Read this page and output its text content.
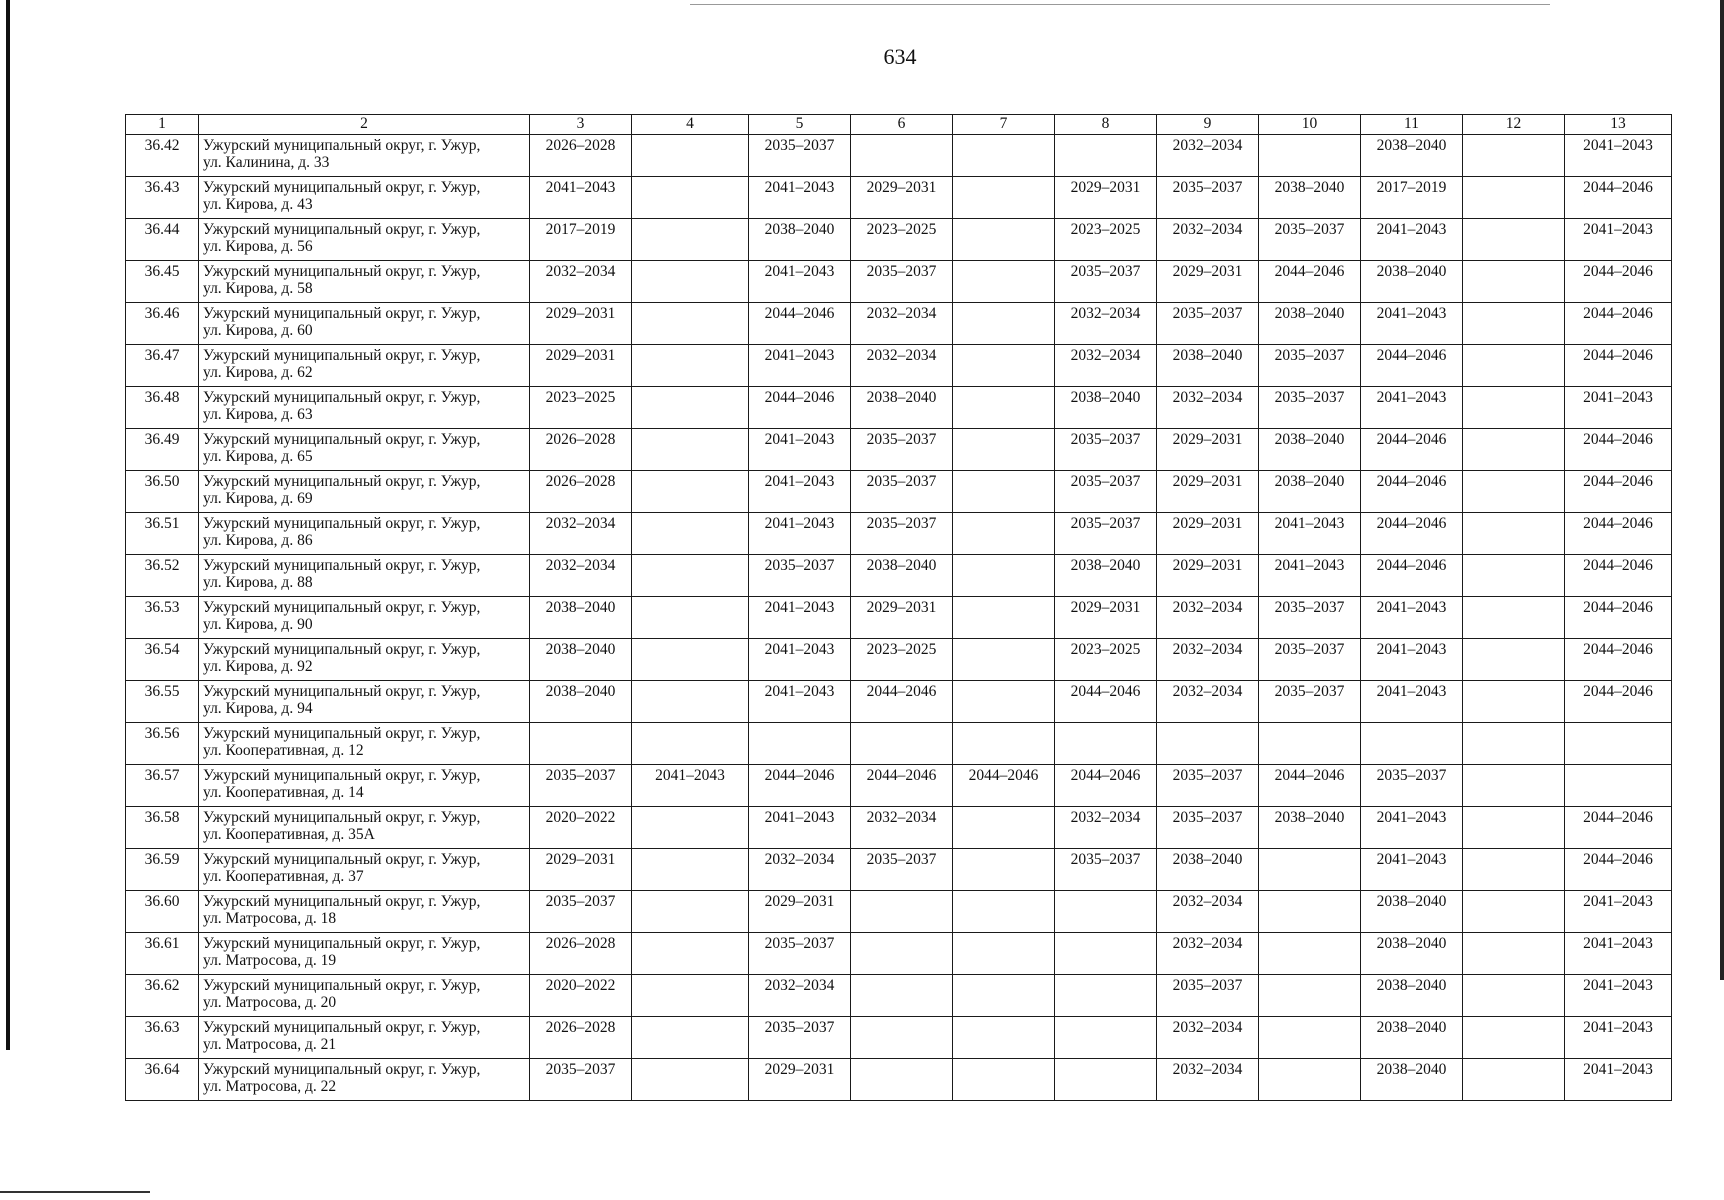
634
1	2	3	4	5	6	7	8	9	10	11	12	13
36.42	Ужурский муниципальный округ, г. Ужур,
ул. Калинина, д. 33	2026–2028		2035–2037				2032–2034		2038–2040		2041–2043
36.43	Ужурский муниципальный округ, г. Ужур,
ул. Кирова, д. 43	2041–2043		2041–2043	2029–2031		2029–2031	2035–2037	2038–2040	2017–2019		2044–2046
36.44	Ужурский муниципальный округ, г. Ужур,
ул. Кирова, д. 56	2017–2019		2038–2040	2023–2025		2023–2025	2032–2034	2035–2037	2041–2043		2041–2043
36.45	Ужурский муниципальный округ, г. Ужур,
ул. Кирова, д. 58	2032–2034		2041–2043	2035–2037		2035–2037	2029–2031	2044–2046	2038–2040		2044–2046
36.46	Ужурский муниципальный округ, г. Ужур,
ул. Кирова, д. 60	2029–2031		2044–2046	2032–2034		2032–2034	2035–2037	2038–2040	2041–2043		2044–2046
36.47	Ужурский муниципальный округ, г. Ужур,
ул. Кирова, д. 62	2029–2031		2041–2043	2032–2034		2032–2034	2038–2040	2035–2037	2044–2046		2044–2046
36.48	Ужурский муниципальный округ, г. Ужур,
ул. Кирова, д. 63	2023–2025		2044–2046	2038–2040		2038–2040	2032–2034	2035–2037	2041–2043		2041–2043
36.49	Ужурский муниципальный округ, г. Ужур,
ул. Кирова, д. 65	2026–2028		2041–2043	2035–2037		2035–2037	2029–2031	2038–2040	2044–2046		2044–2046
36.50	Ужурский муниципальный округ, г. Ужур,
ул. Кирова, д. 69	2026–2028		2041–2043	2035–2037		2035–2037	2029–2031	2038–2040	2044–2046		2044–2046
36.51	Ужурский муниципальный округ, г. Ужур,
ул. Кирова, д. 86	2032–2034		2041–2043	2035–2037		2035–2037	2029–2031	2041–2043	2044–2046		2044–2046
36.52	Ужурский муниципальный округ, г. Ужур,
ул. Кирова, д. 88	2032–2034		2035–2037	2038–2040		2038–2040	2029–2031	2041–2043	2044–2046		2044–2046
36.53	Ужурский муниципальный округ, г. Ужур,
ул. Кирова, д. 90	2038–2040		2041–2043	2029–2031		2029–2031	2032–2034	2035–2037	2041–2043		2044–2046
36.54	Ужурский муниципальный округ, г. Ужур,
ул. Кирова, д. 92	2038–2040		2041–2043	2023–2025		2023–2025	2032–2034	2035–2037	2041–2043		2044–2046
36.55	Ужурский муниципальный округ, г. Ужур,
ул. Кирова, д. 94	2038–2040		2041–2043	2044–2046		2044–2046	2032–2034	2035–2037	2041–2043		2044–2046
36.56	Ужурский муниципальный округ, г. Ужур,
ул. Кооперативная, д. 12											

36.57	Ужурский муниципальный округ, г. Ужур,
ул. Кооперативная, д. 14	2035–2037	2041–2043	2044–2046	2044–2046	2044–2046	2044–2046	2035–2037	2044–2046	2035–2037		
36.58	Ужурский муниципальный округ, г. Ужур,
ул. Кооперативная, д. 35А	2020–2022		2041–2043	2032–2034		2032–2034	2035–2037	2038–2040	2041–2043		2044–2046
36.59	Ужурский муниципальный округ, г. Ужур,
ул. Кооперативная, д. 37	2029–2031		2032–2034	2035–2037		2035–2037	2038–2040		2041–2043		2044–2046
36.60	Ужурский муниципальный округ, г. Ужур,
ул. Матросова, д. 18	2035–2037		2029–2031				2032–2034		2038–2040		2041–2043
36.61	Ужурский муниципальный округ, г. Ужур,
ул. Матросова, д. 19	2026–2028		2035–2037				2032–2034		2038–2040		2041–2043
36.62	Ужурский муниципальный округ, г. Ужур,
ул. Матросова, д. 20	2020–2022		2032–2034				2035–2037		2038–2040		2041–2043
36.63	Ужурский муниципальный округ, г. Ужур,
ул. Матросова, д. 21	2026–2028		2035–2037				2032–2034		2038–2040		2041–2043
36.64	Ужурский муниципальный округ, г. Ужур,
ул. Матросова, д. 22	2035–2037		2029–2031				2032–2034		2038–2040		2041–2043
